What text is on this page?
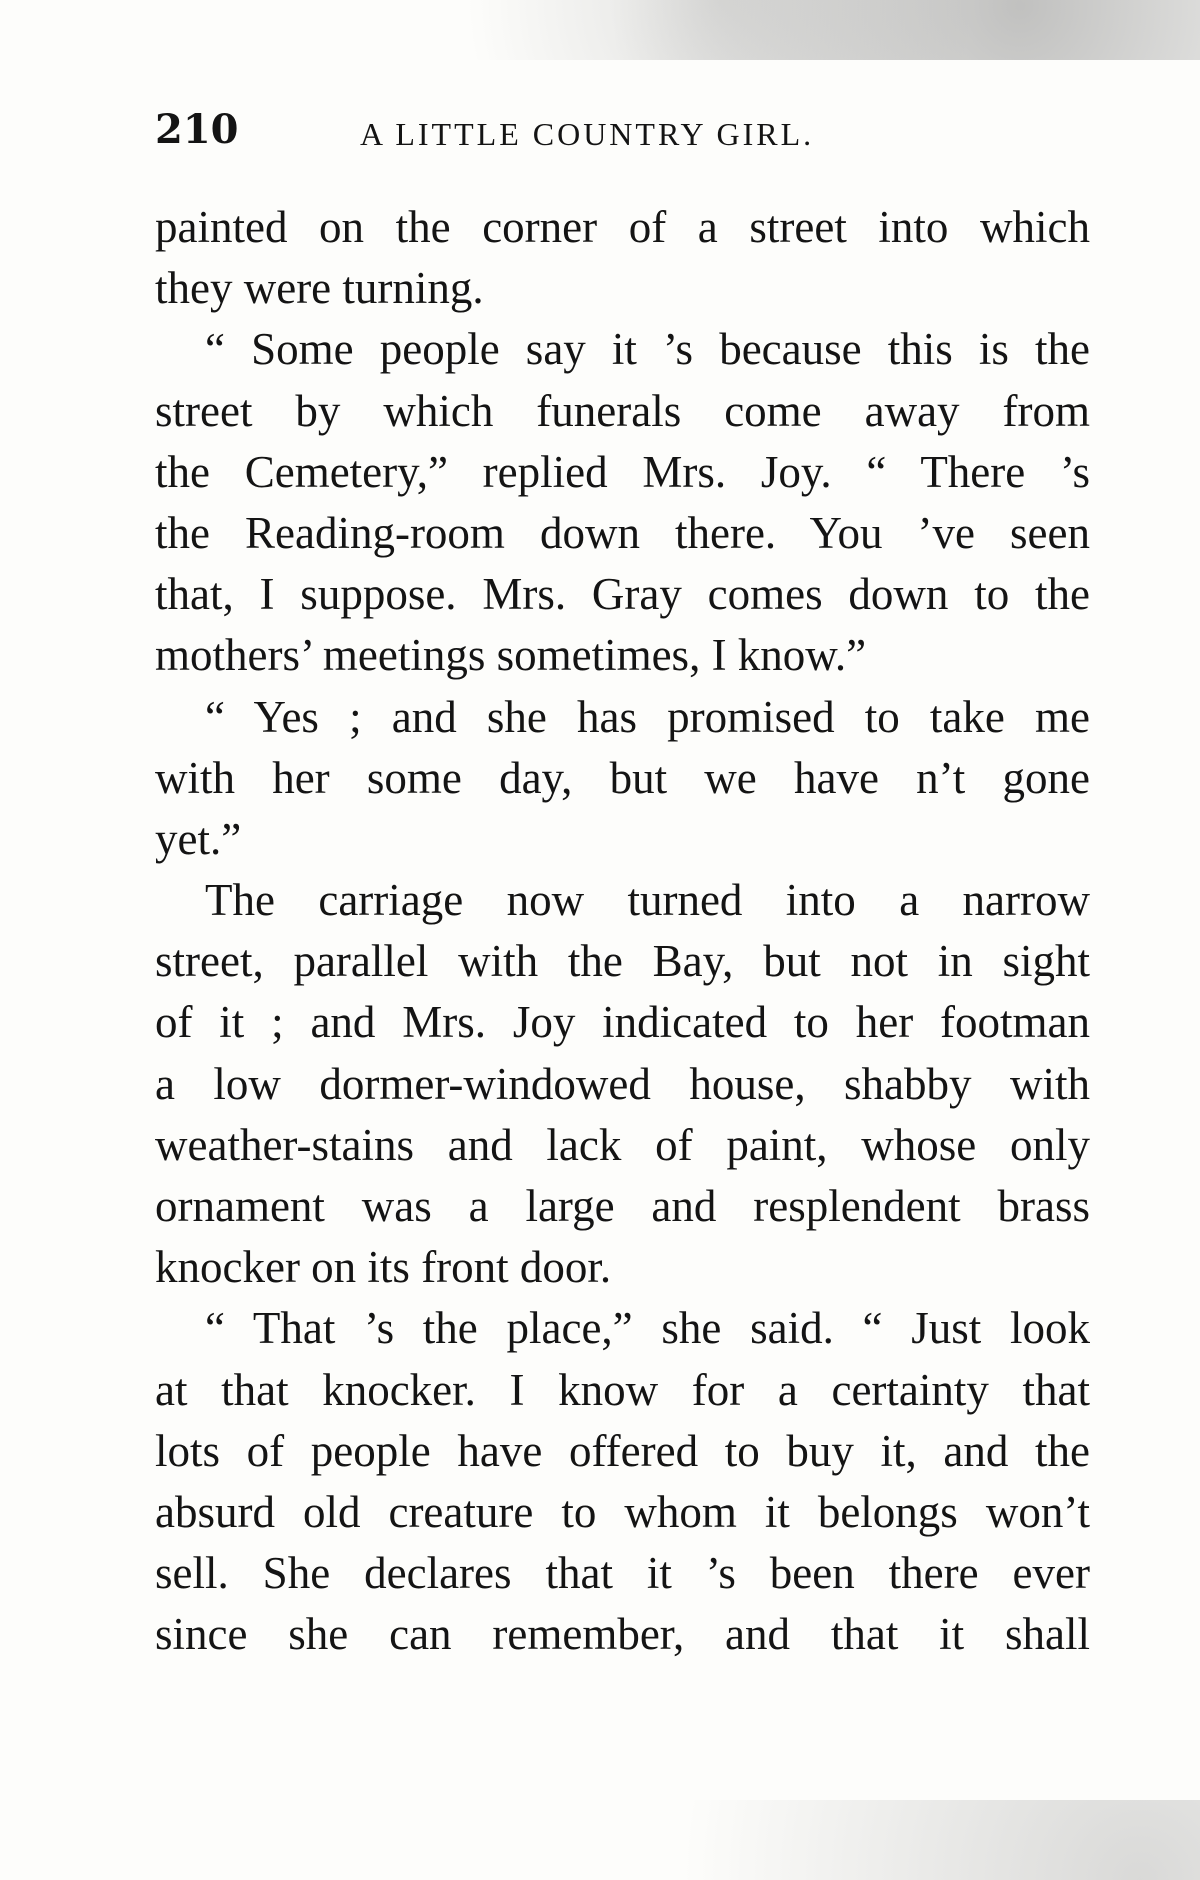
210	A LITTLE COUNTRY GIRL.
painted on the corner of a street into which
they were turning.
“ Some people say it ’s because this is the
street by which funerals come away from
the Cemetery,” replied Mrs. Joy. “ There ’s
the Reading-room down there. You ’ve seen
that, I suppose. Mrs. Gray comes down to the
mothers’ meetings sometimes, I know.”
“ Yes ; and she has promised to take me
with her some day, but we have n’t gone
yet.”
The carriage now turned into a narrow
street, parallel with the Bay, but not in sight
of it ; and Mrs. Joy indicated to her footman
a low dormer-windowed house, shabby with
weather-stains and lack of paint, whose only
ornament was a large and resplendent brass
knocker on its front door.
“ That ’s the place,” she said. “ Just look
at that knocker. I know for a certainty that
lots of people have offered to buy it, and the
absurd old creature to whom it belongs won’t
sell. She declares that it ’s been there ever
since she can remember, and that it shall
